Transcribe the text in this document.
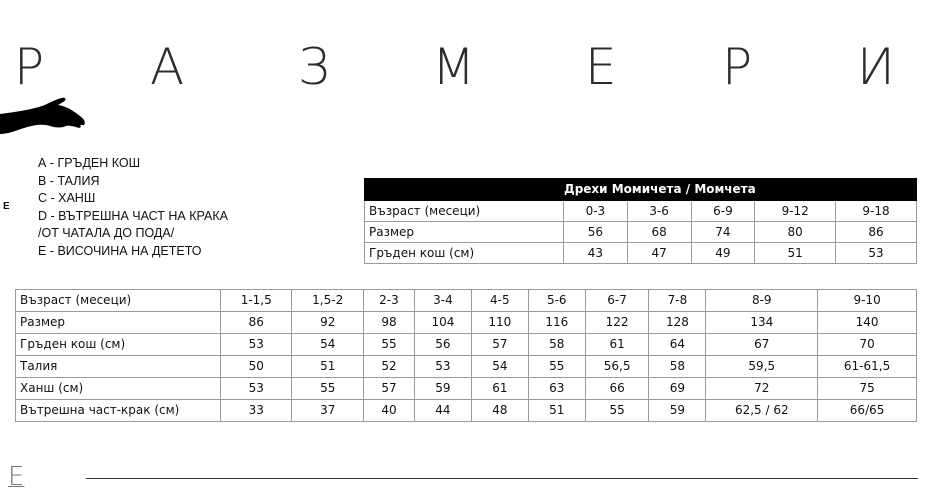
Р А З М Е Р И
E
А - ГРЪДЕН КОШ
В - ТАЛИЯ
С - ХАНШ
D - ВЪТРЕШНА ЧАСТ НА КРАКА
/ОТ ЧАТАЛА ДО ПОДА/
Е - ВИСОЧИНА НА ДЕТЕТО
	Дрехи Момичета / Момчета				
Възраст (месеци)	0-3	3-6	6-9	9-12	9-18
Размер	56	68	74	80	86
Гръден кош (см)	43	47	49	51	53
Възраст (месеци)	1-1,5	1,5-2	2-3	3-4	4-5	5-6	6-7	7-8	8-9	9-10
Размер	86	92	98	104	110	116	122	128	134	140
Гръден кош (см)	53	54	55	56	57	58	61	64	67	70
Талия	50	51	52	53	54	55	56,5	58	59,5	61-61,5
Ханш (см)	53	55	57	59	61	63	66	69	72	75
Вътрешна част-крак (см)	33	37	40	44	48	51	55	59	62,5 / 62	66/65
E
